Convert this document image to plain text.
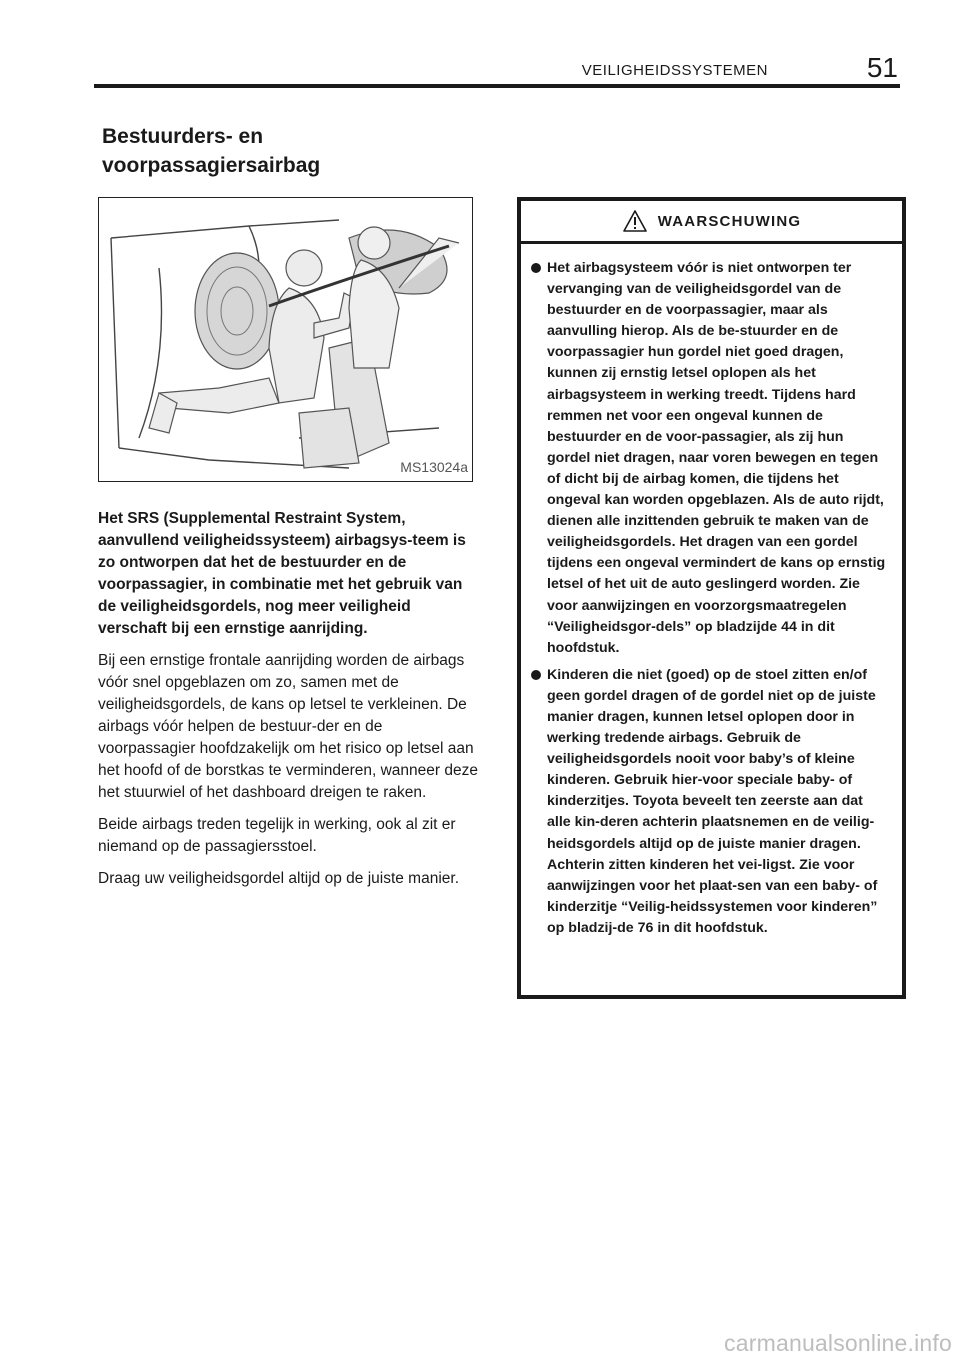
VEILIGHEIDSSYSTEMEN	51
Bestuurders- en
voorpassagiersairbag
MS13024a

Het SRS (Supplemental Restraint System, aanvullend veiligheidssysteem) airbagsys-teem is zo ontworpen dat het de bestuurder en de voorpassagier, in combinatie met het gebruik van de veiligheidsgordels, nog meer veiligheid verschaft bij een ernstige aanrijding.

Bij een ernstige frontale aanrijding worden de airbags vóór snel opgeblazen om zo, samen met de veiligheidsgordels, de kans op letsel te verkleinen. De airbags vóór helpen de bestuur-der en de voorpassagier hoofdzakelijk om het risico op letsel aan het hoofd of de borstkas te verminderen, wanneer deze het stuurwiel of het dashboard dreigen te raken.

Beide airbags treden tegelijk in werking, ook al zit er niemand op de passagiersstoel.

Draag uw veiligheidsgordel altijd op de juiste manier.

WAARSCHUWING
Het airbagsysteem vóór is niet ontworpen ter vervanging van de veiligheidsgordel van de bestuurder en de voorpassagier, maar als aanvulling hierop. Als de be-stuurder en de voorpassagier hun gordel niet goed dragen, kunnen zij ernstig letsel oplopen als het airbagsysteem in werking treedt. Tijdens hard remmen net voor een ongeval kunnen de bestuurder en de voor-passagier, als zij hun gordel niet dragen, naar voren bewegen en tegen of dicht bij de airbag komen, die tijdens het ongeval kan worden opgeblazen. Als de auto rijdt, dienen alle inzittenden gebruik te maken van de veiligheidsgordels. Het dragen van een gordel tijdens een ongeval vermindert de kans op ernstig letsel of het uit de auto geslingerd worden. Zie voor aanwijzingen en voorzorgsmaatregelen “Veiligheidsgor-dels” op bladzijde 44 in dit hoofdstuk.
Kinderen die niet (goed) op de stoel zitten en/of geen gordel dragen of de gordel niet op de juiste manier dragen, kunnen letsel oplopen door in werking tredende airbags. Gebruik de veiligheidsgordels nooit voor baby’s of kleine kinderen. Gebruik hier-voor speciale baby- of kinderzitjes. Toyota beveelt ten zeerste aan dat alle kin-deren achterin plaatsnemen en de veilig-heidsgordels altijd op de juiste manier dragen. Achterin zitten kinderen het vei-ligst. Zie voor aanwijzingen voor het plaat-sen van een baby- of kinderzitje “Veilig-heidssystemen voor kinderen” op bladzij-de 76 in dit hoofdstuk.
carmanualsonline.info
